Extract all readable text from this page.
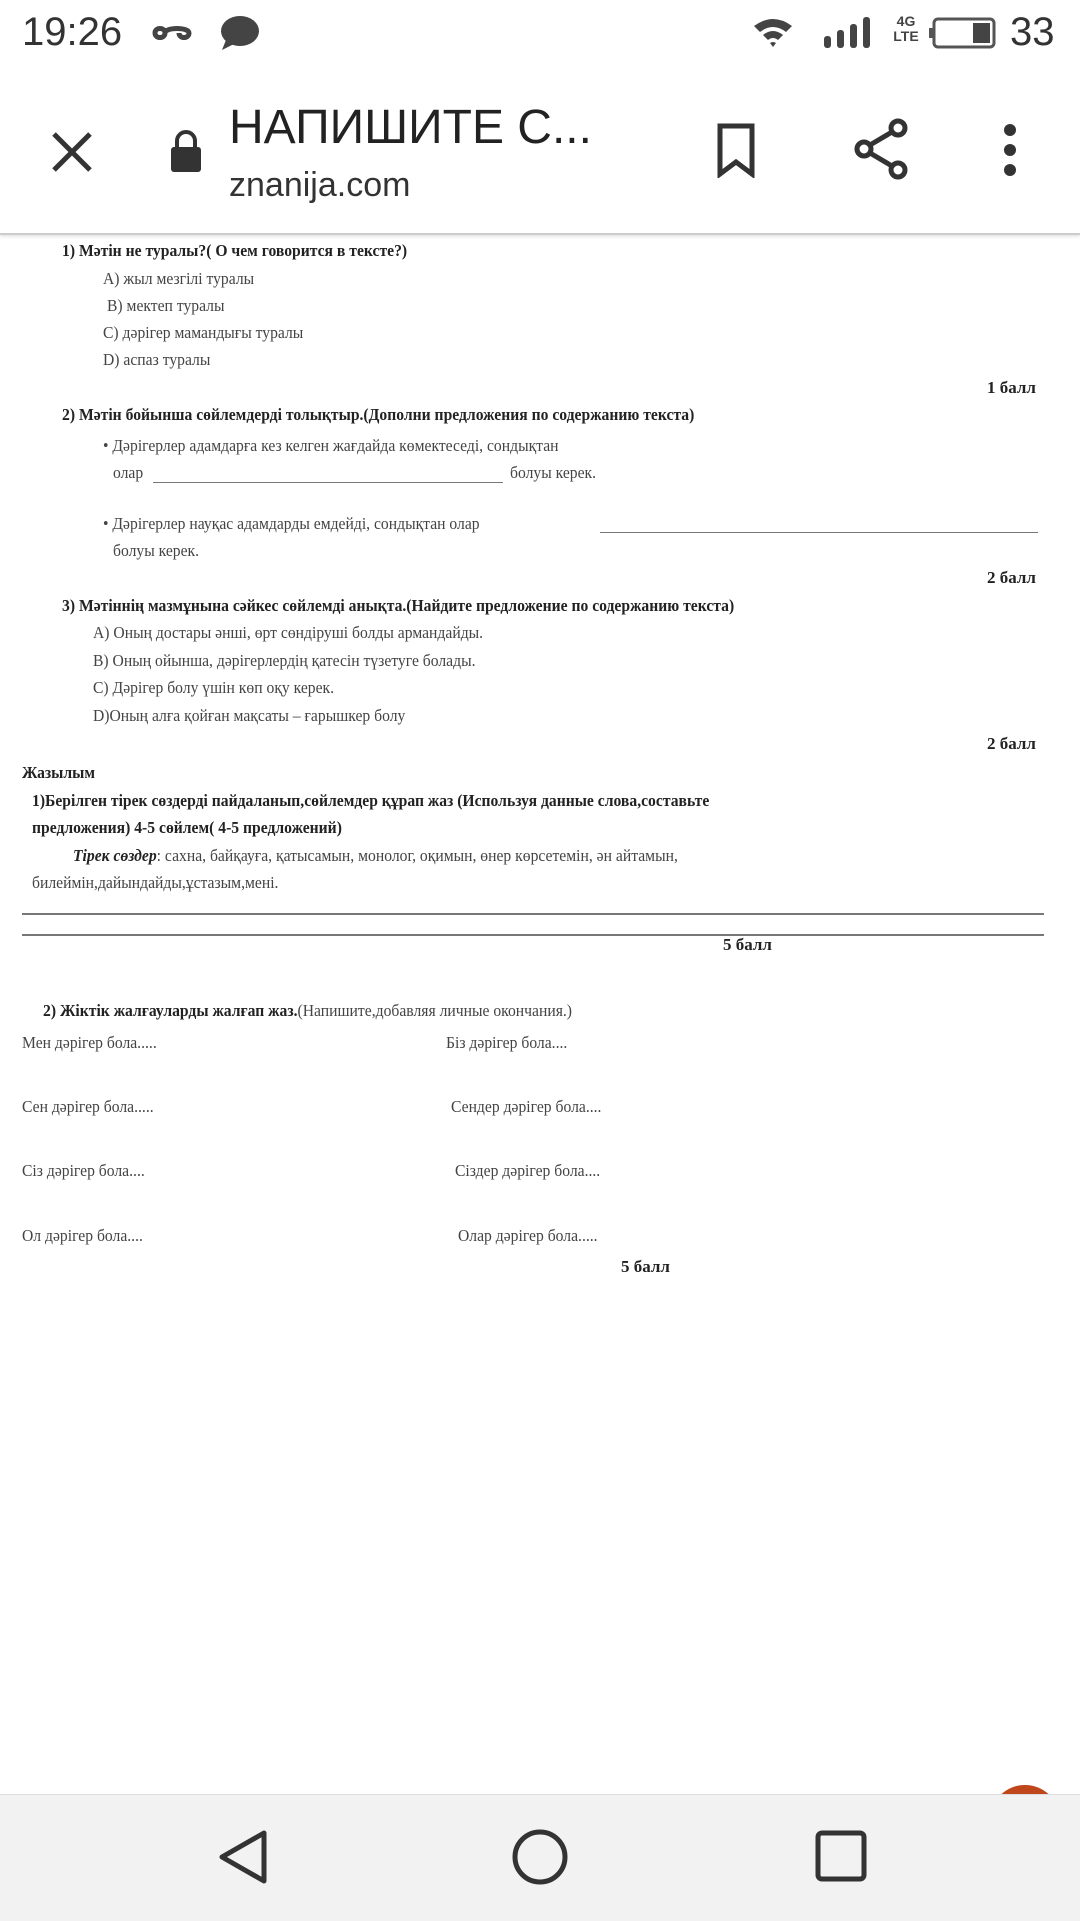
19:26	4G LTE 33
НАПИШИТЕ С...
znanija.com
1) Мәтін не туралы?( О чем говорится в тексте?)
A) жыл мезгілі туралы
B) мектеп туралы
C) дәрігер мамандығы туралы
D) аспаз туралы
1 балл
2) Мәтін бойынша сөйлемдерді толықтыр.(Дополни предложения по содержанию текста)
• Дәрігерлер адамдарға кез келген жағдайда көмектеседі, сондықтан
олар	болуы керек.
• Дәрігерлер науқас адамдарды емдейді, сондықтан олар
болуы керек.
2 балл
3) Мәтіннің мазмұнына сәйкес сөйлемді анықта.(Найдите предложение по содержанию текста)
A) Оның достары әнші, өрт сөндіруші болды армандайды.
B) Оның ойынша, дәрігерлердің қатесін түзетуге болады.
C) Дәрігер болу үшін көп оқу керек.
D)Оның алға қойған мақсаты – ғарышкер болу
2 балл
Жазылым
1)Берілген тірек сөздерді пайдаланып,сөйлемдер құрап жаз (Используя данные слова,составьте
предложения) 4-5 сөйлем( 4-5 предложений)
Тірек сөздер: сахна, байқауға, қатысамын, монолог, оқимын, өнер көрсетемін, ән айтамын,
билеймін,дайындайды,ұстазым,мені.
5 балл
2) Жіктік жалғауларды жалғап жаз.(Напишите,добавляя личные окончания.)
Мен дәрігер бола.....
Сен дәрігер бола.....
Сіз дәрігер бола....
Ол дәрігер бола....
Біз дәрігер бола....
Сендер дәрігер бола....
Сіздер дәрігер бола....
Олар дәрігер бола.....
5 балл
